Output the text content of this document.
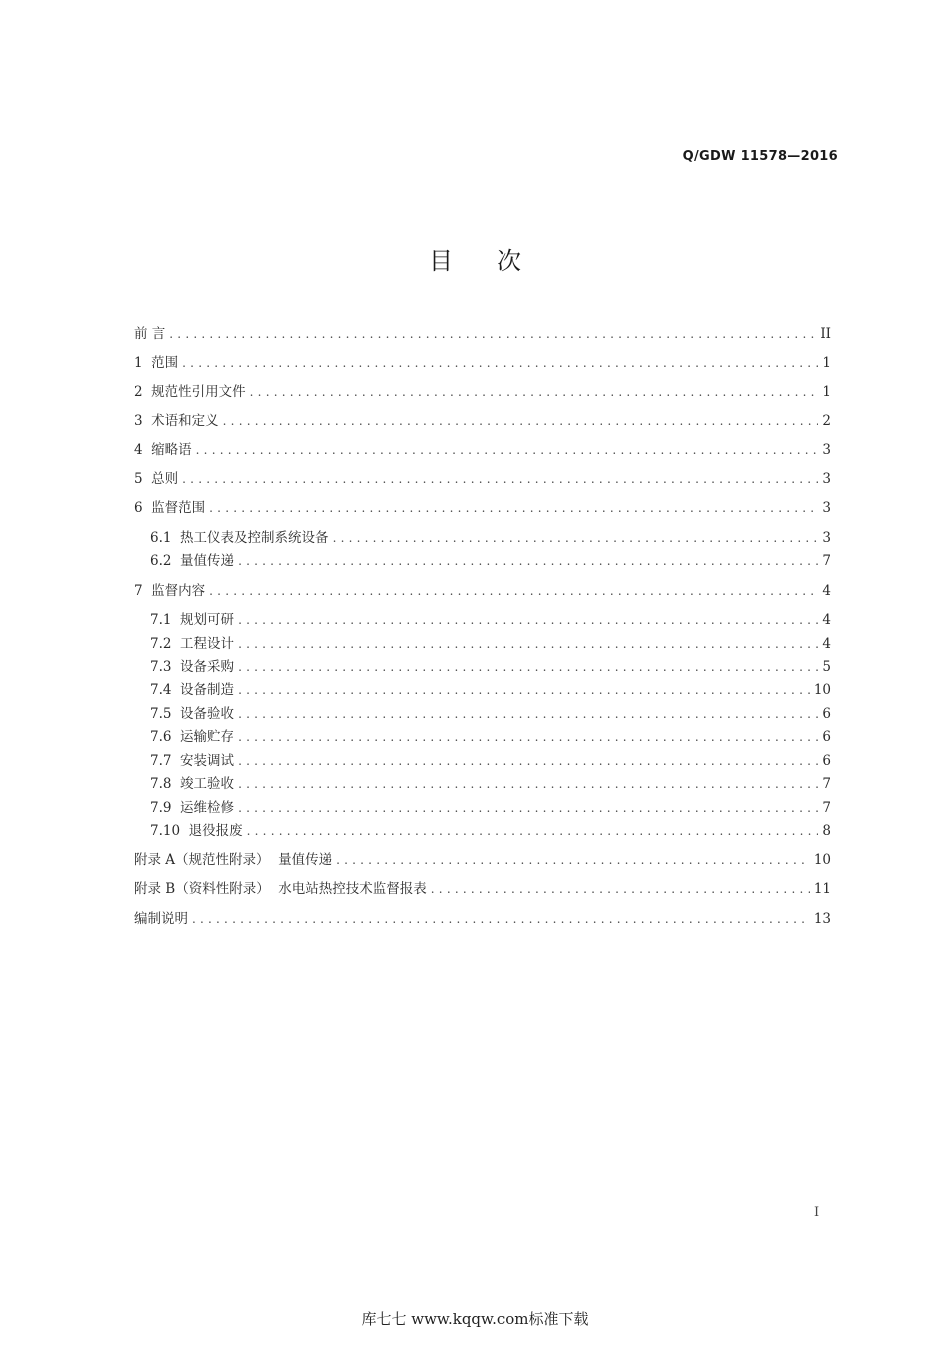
Q/GDW 11578—2016
目次
前 言 .....	II
1  范围 .....	1
2  规范性引用文件 .....	1
3  术语和定义 .....	2
4  缩略语 .....	3
5  总则 .....	3
6  监督范围 .....	3
6.1  热工仪表及控制系统设备 .....	3
6.2  量值传递 .....	7
7  监督内容 .....	4
7.1  规划可研 .....	4
7.2  工程设计 .....	4
7.3  设备采购 .....	5
7.4  设备制造 .....	10
7.5  设备验收 .....	6
7.6  运输贮存 .....	6
7.7  安装调试 .....	6
7.8  竣工验收 .....	7
7.9  运维检修 .....	7
7.10  退役报废 .....	8
附录 A（规范性附录）  量值传递 .....	10
附录 B（资料性附录）  水电站热控技术监督报表 .....	11
编制说明 .....	13
I
库七七 www.kqqw.com标准下载
